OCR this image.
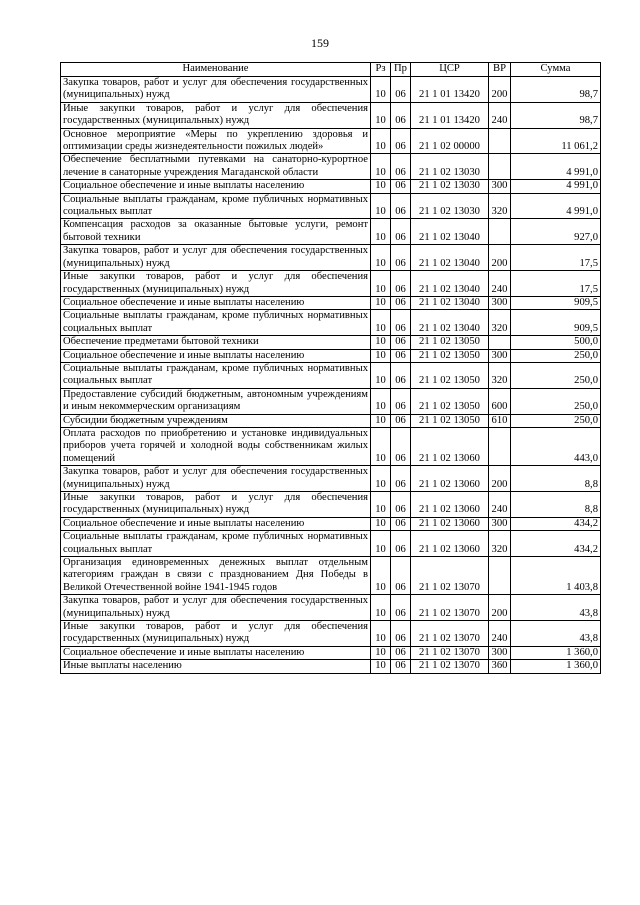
159
Наименование	Рз	Пр	ЦСР	ВР	Сумма
Закупка товаров, работ и услуг для обеспечения государственных (муниципальных) нужд	10	06	21 1 01 13420	200	98,7
Иные закупки товаров, работ и услуг для обеспечения государственных (муниципальных) нужд	10	06	21 1 01 13420	240	98,7
Основное мероприятие «Меры по укреплению здоровья и оптимизации среды жизнедеятельности пожилых людей»	10	06	21 1 02 00000		11 061,2
Обеспечение бесплатными путевками на санаторно-курортное лечение в санаторные учреждения Магаданской области	10	06	21 1 02 13030		4 991,0
Социальное обеспечение и иные выплаты населению	10	06	21 1 02 13030	300	4 991,0
Социальные выплаты гражданам, кроме публичных нормативных социальных выплат	10	06	21 1 02 13030	320	4 991,0
Компенсация расходов за оказанные бытовые услуги, ремонт бытовой техники	10	06	21 1 02 13040		927,0
Закупка товаров, работ и услуг для обеспечения государственных (муниципальных) нужд	10	06	21 1 02 13040	200	17,5
Иные закупки товаров, работ и услуг для обеспечения государственных (муниципальных) нужд	10	06	21 1 02 13040	240	17,5
Социальное обеспечение и иные выплаты населению	10	06	21 1 02 13040	300	909,5
Социальные выплаты гражданам, кроме публичных нормативных социальных выплат	10	06	21 1 02 13040	320	909,5
Обеспечение предметами бытовой техники	10	06	21 1 02 13050		500,0
Социальное обеспечение и иные выплаты населению	10	06	21 1 02 13050	300	250,0
Социальные выплаты гражданам, кроме публичных нормативных социальных выплат	10	06	21 1 02 13050	320	250,0
Предоставление субсидий бюджетным, автономным учреждениям и иным некоммерческим организациям	10	06	21 1 02 13050	600	250,0
Субсидии бюджетным учреждениям	10	06	21 1 02 13050	610	250,0
Оплата расходов по приобретению и установке индивидуальных приборов учета горячей и холодной воды собственникам жилых помещений	10	06	21 1 02 13060		443,0
Закупка товаров, работ и услуг для обеспечения государственных (муниципальных) нужд	10	06	21 1 02 13060	200	8,8
Иные закупки товаров, работ и услуг для обеспечения государственных (муниципальных) нужд	10	06	21 1 02 13060	240	8,8
Социальное обеспечение и иные выплаты населению	10	06	21 1 02 13060	300	434,2
Социальные выплаты гражданам, кроме публичных нормативных социальных выплат	10	06	21 1 02 13060	320	434,2
Организация единовременных денежных выплат отдельным категориям граждан в связи с празднованием Дня Победы в Великой Отечественной войне 1941-1945 годов	10	06	21 1 02 13070		1 403,8
Закупка товаров, работ и услуг для обеспечения государственных (муниципальных) нужд	10	06	21 1 02 13070	200	43,8
Иные закупки товаров, работ и услуг для обеспечения государственных (муниципальных) нужд	10	06	21 1 02 13070	240	43,8
Социальное обеспечение и иные выплаты населению	10	06	21 1 02 13070	300	1 360,0
Иные выплаты населению	10	06	21 1 02 13070	360	1 360,0
